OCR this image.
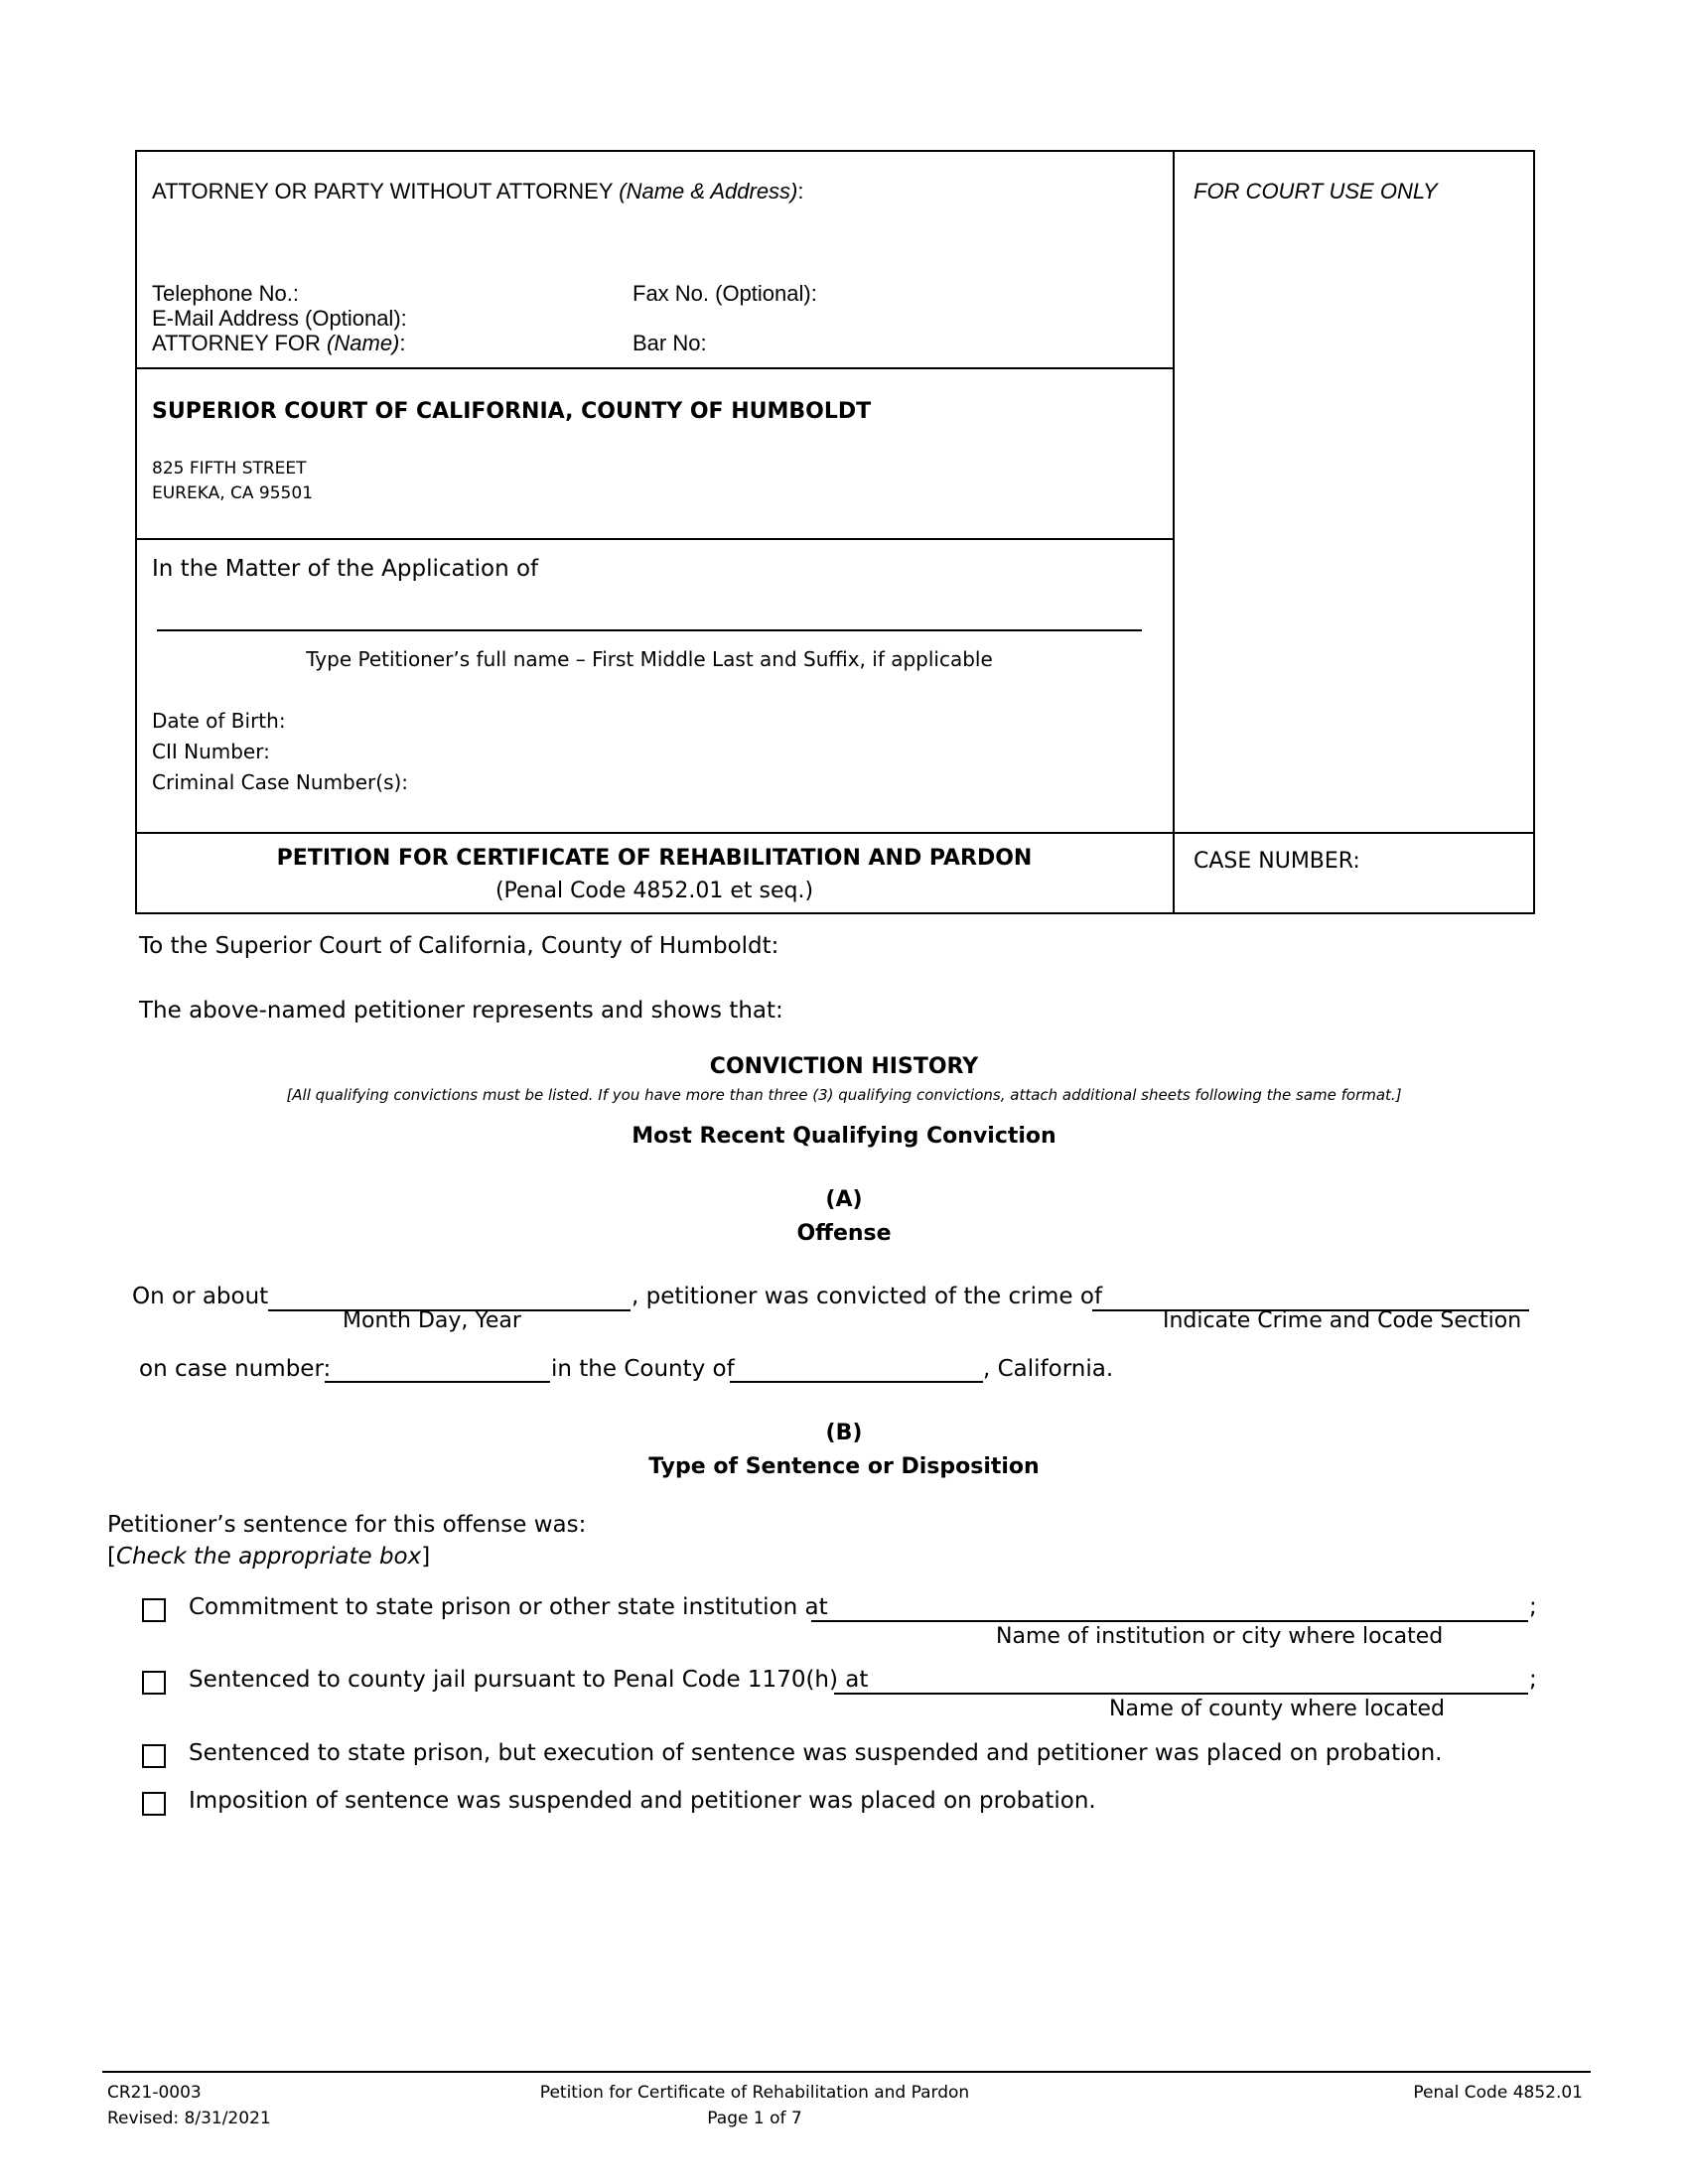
ATTORNEY OR PARTY WITHOUT ATTORNEY (Name & Address):	FOR COURT USE ONLY
Telephone No.:	Fax No. (Optional):
E-Mail Address (Optional):
ATTORNEY FOR (Name):	Bar No:
SUPERIOR COURT OF CALIFORNIA, COUNTY OF HUMBOLDT
825 FIFTH STREET
EUREKA, CA 95501
In the Matter of the Application of
Type Petitioner’s full name – First Middle Last and Suffix, if applicable
Date of Birth:
CII Number:
Criminal Case Number(s):
PETITION FOR CERTIFICATE OF REHABILITATION AND PARDON
(Penal Code 4852.01 et seq.)
CASE NUMBER:
To the Superior Court of California, County of Humboldt:
The above-named petitioner represents and shows that:
CONVICTION HISTORY
[All qualifying convictions must be listed. If you have more than three (3) qualifying convictions, attach additional sheets following the same format.]
Most Recent Qualifying Conviction
(A)
Offense
On or about
Month Day, Year
, petitioner was convicted of the crime of
Indicate Crime and Code Section
on case number:	in the County of	, California.
(B)
Type of Sentence or Disposition
Petitioner’s sentence for this offense was:
[Check the appropriate box]
Commitment to state prison or other state institution at	;
Name of institution or city where located
Sentenced to county jail pursuant to Penal Code 1170(h) at	;
Name of county where located
Sentenced to state prison, but execution of sentence was suspended and petitioner was placed on probation.
Imposition of sentence was suspended and petitioner was placed on probation.
CR21-0003
Revised: 8/31/2021
Petition for Certificate of Rehabilitation and Pardon
Page 1 of 7
Penal Code 4852.01
